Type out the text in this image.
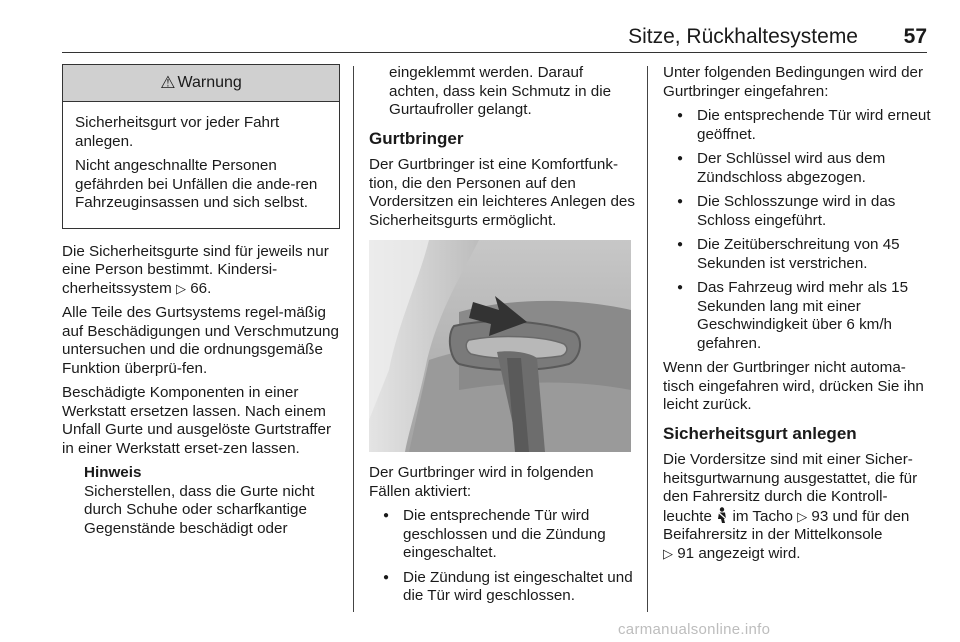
Sitze, Rückhaltesysteme 57
⚠ Warnung

Sicherheitsgurt vor jeder Fahrt anlegen.

Nicht angeschnallte Personen gefährden bei Unfällen die ande-ren Fahrzeuginsassen und sich selbst.

Die Sicherheitsgurte sind für jeweils nur eine Person bestimmt. Kindersi-cherheitssystem ▷ 66.

Alle Teile des Gurtsystems regel-mäßig auf Beschädigungen und Verschmutzung untersuchen und die ordnungsgemäße Funktion überprü-fen.

Beschädigte Komponenten in einer Werkstatt ersetzen lassen. Nach einem Unfall Gurte und ausgelöste Gurtstraffer in einer Werkstatt erset-zen lassen.

Hinweis
Sicherstellen, dass die Gurte nicht durch Schuhe oder scharfkantige Gegenstände beschädigt oder

eingeklemmt werden. Darauf achten, dass kein Schmutz in die Gurtaufroller gelangt.

Gurtbringer

Der Gurtbringer ist eine Komfortfunk-tion, die den Personen auf den Vordersitzen ein leichteres Anlegen des Sicherheitsgurts ermöglicht.

Der Gurtbringer wird in folgenden Fällen aktiviert:

● Die entsprechende Tür wird geschlossen und die Zündung eingeschaltet.
● Die Zündung ist eingeschaltet und die Tür wird geschlossen.

Unter folgenden Bedingungen wird der Gurtbringer eingefahren:

● Die entsprechende Tür wird erneut geöffnet.
● Der Schlüssel wird aus dem Zündschloss abgezogen.
● Die Schlosszunge wird in das Schloss eingeführt.
● Die Zeitüberschreitung von 45 Sekunden ist verstrichen.
● Das Fahrzeug wird mehr als 15 Sekunden lang mit einer Geschwindigkeit über 6 km/h gefahren.

Wenn der Gurtbringer nicht automa-tisch eingefahren wird, drücken Sie ihn leicht zurück.

Sicherheitsgurt anlegen

Die Vordersitze sind mit einer Sicher-heitsgurtwarnung ausgestattet, die für den Fahrersitz durch die Kontroll-leuchte im Tacho ▷ 93 und für den Beifahrersitz in der Mittelkonsole
▷ 91 angezeigt wird.

carmanualsonline.info
